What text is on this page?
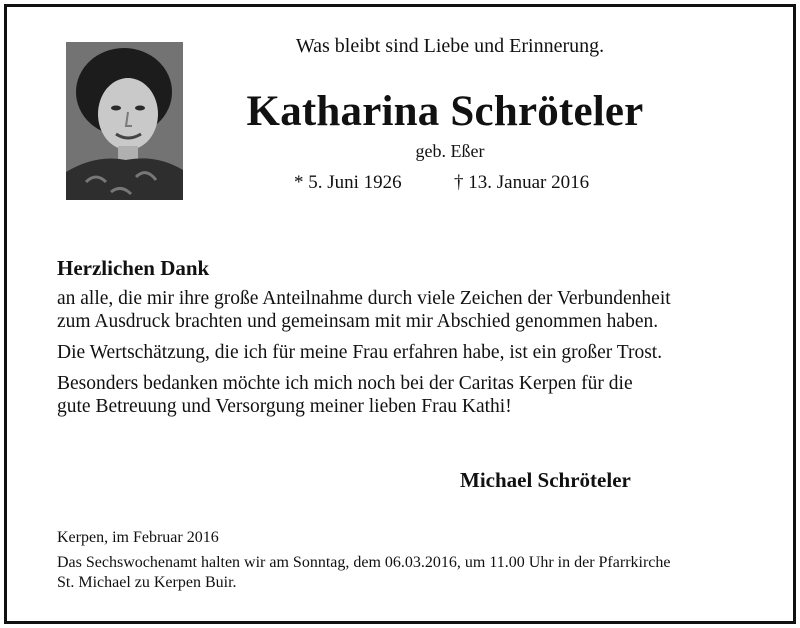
Was bleibt sind Liebe und Erinnerung.
Katharina Schröteler
geb. Eßer
* 5. Juni 1926	† 13. Januar 2016
Herzlichen Dank
an alle, die mir ihre große Anteilnahme durch viele Zeichen der Verbundenheit
zum Ausdruck brachten und gemeinsam mit mir Abschied genommen haben.
Die Wertschätzung, die ich für meine Frau erfahren habe, ist ein großer Trost.
Besonders bedanken möchte ich mich noch bei der Caritas Kerpen für die
gute Betreuung und Versorgung meiner lieben Frau Kathi!
Michael Schröteler
Kerpen, im Februar 2016
Das Sechswochenamt halten wir am Sonntag, dem 06.03.2016, um 11.00 Uhr in der Pfarrkirche
St. Michael zu Kerpen Buir.
